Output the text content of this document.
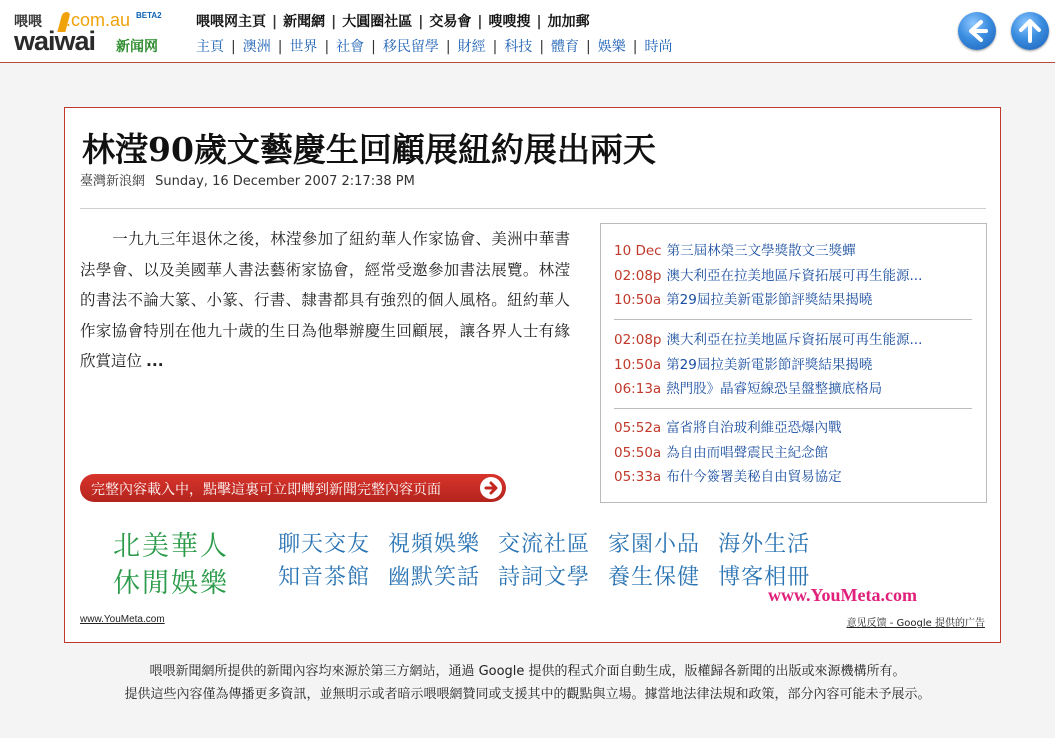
喂喂 .com.au BETA2
waiwai 新闻网
喂喂网主頁 | 新聞網 | 大圓圈社區 | 交易會 | 嗖嗖搜 | 加加郵
主頁 | 澳洲 | 世界 | 社會 | 移民留學 | 財經 | 科技 | 體育 | 娛樂 | 時尚
林滢90歲文藝慶生回顧展紐約展出兩天
臺灣新浪網 Sunday, 16 December 2007 2:17:38 PM
一九九三年退休之後，林滢參加了紐約華人作家協會、美洲中華書法學會、以及美國華人書法藝術家協會，經常受邀參加書法展覽。林滢的書法不論大篆、小篆、行書、隸書都具有強烈的個人風格。紐約華人作家協會特別在他九十歲的生日為他舉辦慶生回顧展，讓各界人士有緣欣賞這位 ...
10 Dec 第三屆林榮三文學獎散文三獎蟬
02:08p 澳大利亞在拉美地區斥資拓展可再生能源...
10:50a 第29屆拉美新電影節評獎結果揭曉
02:08p 澳大利亞在拉美地區斥資拓展可再生能源...
10:50a 第29屆拉美新電影節評獎結果揭曉
06:13a 熱門股》晶睿短線恐呈盤整擴底格局
05:52a 富省將自治玻利維亞恐爆內戰
05:50a 為自由而唱聲震民主紀念館
05:33a 布什今簽署美秘自由貿易協定
完整內容載入中，點擊這裏可立即轉到新聞完整內容页面
北美華人
休閒娛樂
聊天交友 視頻娛樂 交流社區 家園小品 海外生活
知音茶館 幽默笑話 詩詞文學 養生保健 博客相冊
www.YouMeta.com
www.YouMeta.com	意见反馈 - Google 提供的广告
喂喂新聞網所提供的新聞內容均來源於第三方網站，通過 Google 提供的程式介面自動生成，版權歸各新聞的出版或來源機構所有。
提供這些內容僅為傳播更多資訊，並無明示或者暗示喂喂網贊同或支援其中的觀點與立場。據當地法律法規和政策，部分內容可能未予展示。
